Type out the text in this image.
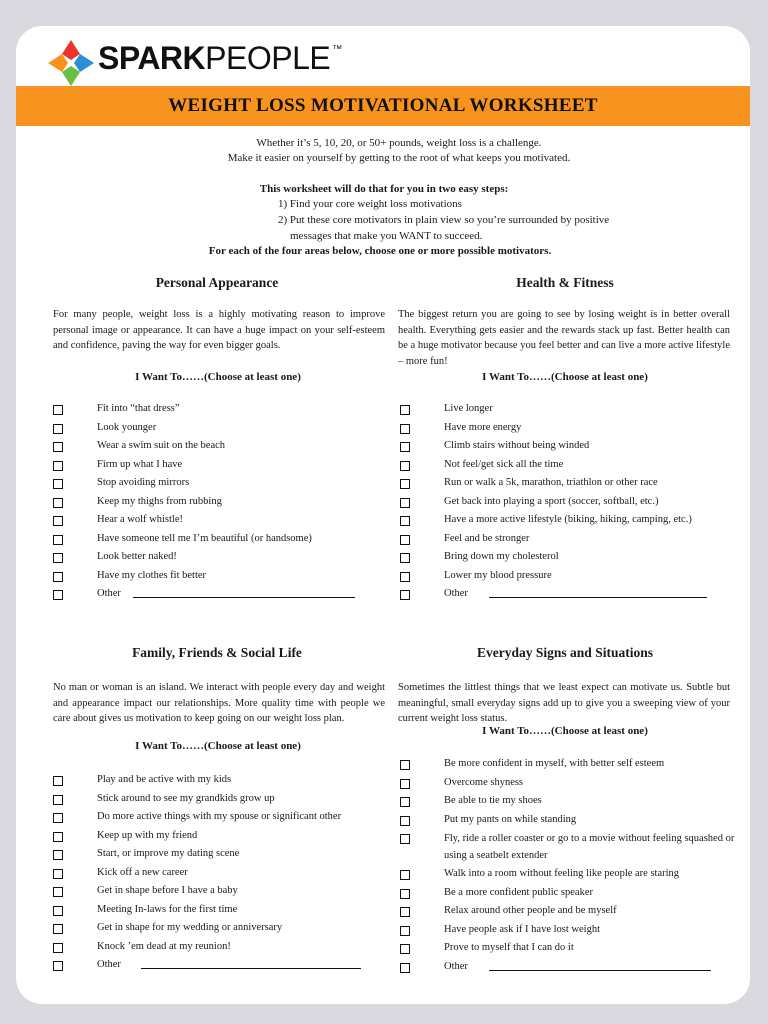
SPARKPEOPLE ™
WEIGHT LOSS MOTIVATIONAL WORKSHEET
Whether it’s 5, 10, 20, or 50+ pounds, weight loss is a challenge.
Make it easier on yourself by getting to the root of what keeps you motivated.
This worksheet will do that for you in two easy steps:
1) Find your core weight loss motivations
2) Put these core motivators in plain view so you’re surrounded by positive
messages that make you WANT to succeed.
For each of the four areas below, choose one or more possible motivators.
Personal Appearance
For many people, weight loss is a highly motivating reason to improve personal image or appearance. It can have a huge impact on your self-esteem and confidence, paving the way for even bigger goals.
I Want To……(Choose at least one)
Fit into “that dress”
Look younger
Wear a swim suit on the beach
Firm up what I have
Stop avoiding mirrors
Keep my thighs from rubbing
Hear a wolf whistle!
Have someone tell me I’m beautiful (or handsome)
Look better naked!
Have my clothes fit better
Other
Health & Fitness
The biggest return you are going to see by losing weight is in better overall health. Everything gets easier and the rewards stack up fast. Better health can be a huge motivator because you feel better and can live a more active lifestyle – more fun!
I Want To……(Choose at least one)
Live longer
Have more energy
Climb stairs without being winded
Not feel/get sick all the time
Run or walk a 5k, marathon, triathlon or other race
Get back into playing a sport (soccer, softball, etc.)
Have a more active lifestyle (biking, hiking, camping, etc.)
Feel and be stronger
Bring down my cholesterol
Lower my blood pressure
Other
Family, Friends & Social Life
No man or woman is an island. We interact with people every day and weight and appearance impact our relationships. More quality time with people we care about gives us motivation to keep going on our weight loss plan.
I Want To……(Choose at least one)
Play and be active with my kids
Stick around to see my grandkids grow up
Do more active things with my spouse or significant other
Keep up with my friend
Start, or improve my dating scene
Kick off a new career
Get in shape before I have a baby
Meeting In-laws for the first time
Get in shape for my wedding or anniversary
Knock ’em dead at my reunion!
Other
Everyday Signs and Situations
Sometimes the littlest things that we least expect can motivate us. Subtle but meaningful, small everyday signs add up to give you a sweeping view of your current weight loss status.
I Want To……(Choose at least one)
Be more confident in myself, with better self esteem
Overcome shyness
Be able to tie my shoes
Put my pants on while standing
Fly, ride a roller coaster or go to a movie without feeling squashed or using a seatbelt extender
Walk into a room without feeling like people are staring
Be a more confident public speaker
Relax around other people and be myself
Have people ask if I have lost weight
Prove to myself that I can do it
Other
